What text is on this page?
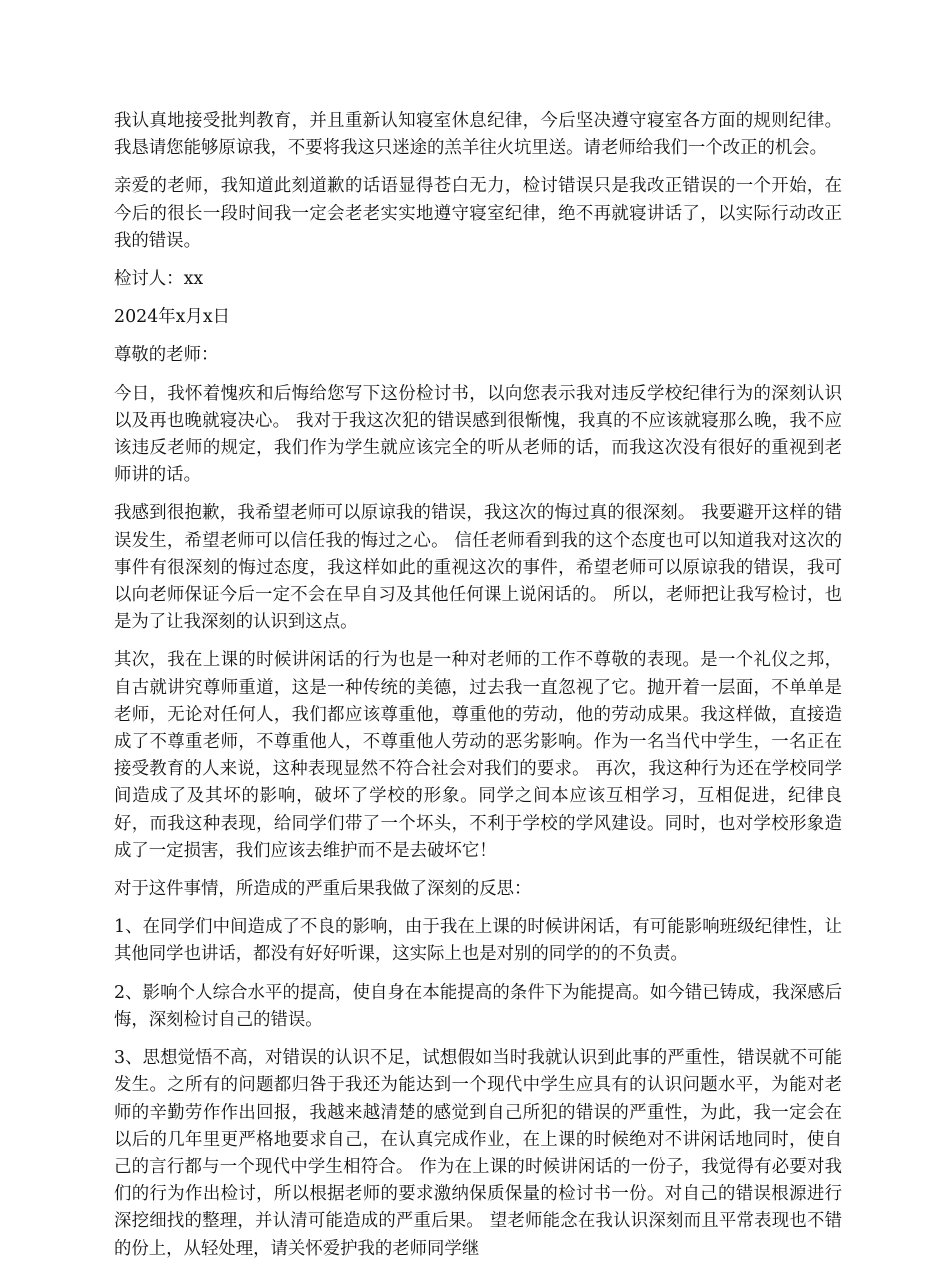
我认真地接受批判教育，并且重新认知寝室休息纪律，今后坚决遵守寝室各方面的规则纪律。我恳请您能够原谅我，不要将我这只迷途的羔羊往火坑里送。请老师给我们一个改正的机会。

亲爱的老师，我知道此刻道歉的话语显得苍白无力，检讨错误只是我改正错误的一个开始，在今后的很长一段时间我一定会老老实实地遵守寝室纪律，绝不再就寝讲话了，以实际行动改正我的错误。

检讨人：xx

2024年x月x日

尊敬的老师：

今日，我怀着愧疚和后悔给您写下这份检讨书，以向您表示我对违反学校纪律行为的深刻认识以及再也晚就寝决心。 我对于我这次犯的错误感到很惭愧，我真的不应该就寝那么晚，我不应该违反老师的规定，我们作为学生就应该完全的听从老师的话，而我这次没有很好的重视到老师讲的话。

我感到很抱歉，我希望老师可以原谅我的错误，我这次的悔过真的很深刻。 我要避开这样的错误发生，希望老师可以信任我的悔过之心。 信任老师看到我的这个态度也可以知道我对这次的事件有很深刻的悔过态度，我这样如此的重视这次的事件，希望老师可以原谅我的错误，我可以向老师保证今后一定不会在早自习及其他任何课上说闲话的。 所以，老师把让我写检讨，也是为了让我深刻的认识到这点。

其次，我在上课的时候讲闲话的行为也是一种对老师的工作不尊敬的表现。是一个礼仪之邦，自古就讲究尊师重道，这是一种传统的美德，过去我一直忽视了它。抛开着一层面，不单单是老师，无论对任何人，我们都应该尊重他，尊重他的劳动，他的劳动成果。我这样做，直接造成了不尊重老师，不尊重他人，不尊重他人劳动的恶劣影响。作为一名当代中学生，一名正在接受教育的人来说，这种表现显然不符合社会对我们的要求。 再次，我这种行为还在学校同学间造成了及其坏的影响，破坏了学校的形象。同学之间本应该互相学习，互相促进，纪律良好，而我这种表现，给同学们带了一个坏头，不利于学校的学风建设。同时，也对学校形象造成了一定损害，我们应该去维护而不是去破坏它！

对于这件事情，所造成的严重后果我做了深刻的反思：

1、在同学们中间造成了不良的影响，由于我在上课的时候讲闲话，有可能影响班级纪律性，让其他同学也讲话，都没有好好听课，这实际上也是对别的同学的的不负责。

2、影响个人综合水平的提高，使自身在本能提高的条件下为能提高。如今错已铸成，我深感后悔，深刻检讨自己的错误。

3、思想觉悟不高，对错误的认识不足，试想假如当时我就认识到此事的严重性，错误就不可能发生。之所有的问题都归咎于我还为能达到一个现代中学生应具有的认识问题水平，为能对老师的辛勤劳作作出回报，我越来越清楚的感觉到自己所犯的错误的严重性，为此，我一定会在以后的几年里更严格地要求自己，在认真完成作业，在上课的时候绝对不讲闲话地同时，使自己的言行都与一个现代中学生相符合。 作为在上课的时候讲闲话的一份子，我觉得有必要对我们的行为作出检讨，所以根据老师的要求激纳保质保量的检讨书一份。对自己的错误根源进行深挖细找的整理，并认清可能造成的严重后果。 望老师能念在我认识深刻而且平常表现也不错的份上，从轻处理，请关怀爱护我的老师同学继
